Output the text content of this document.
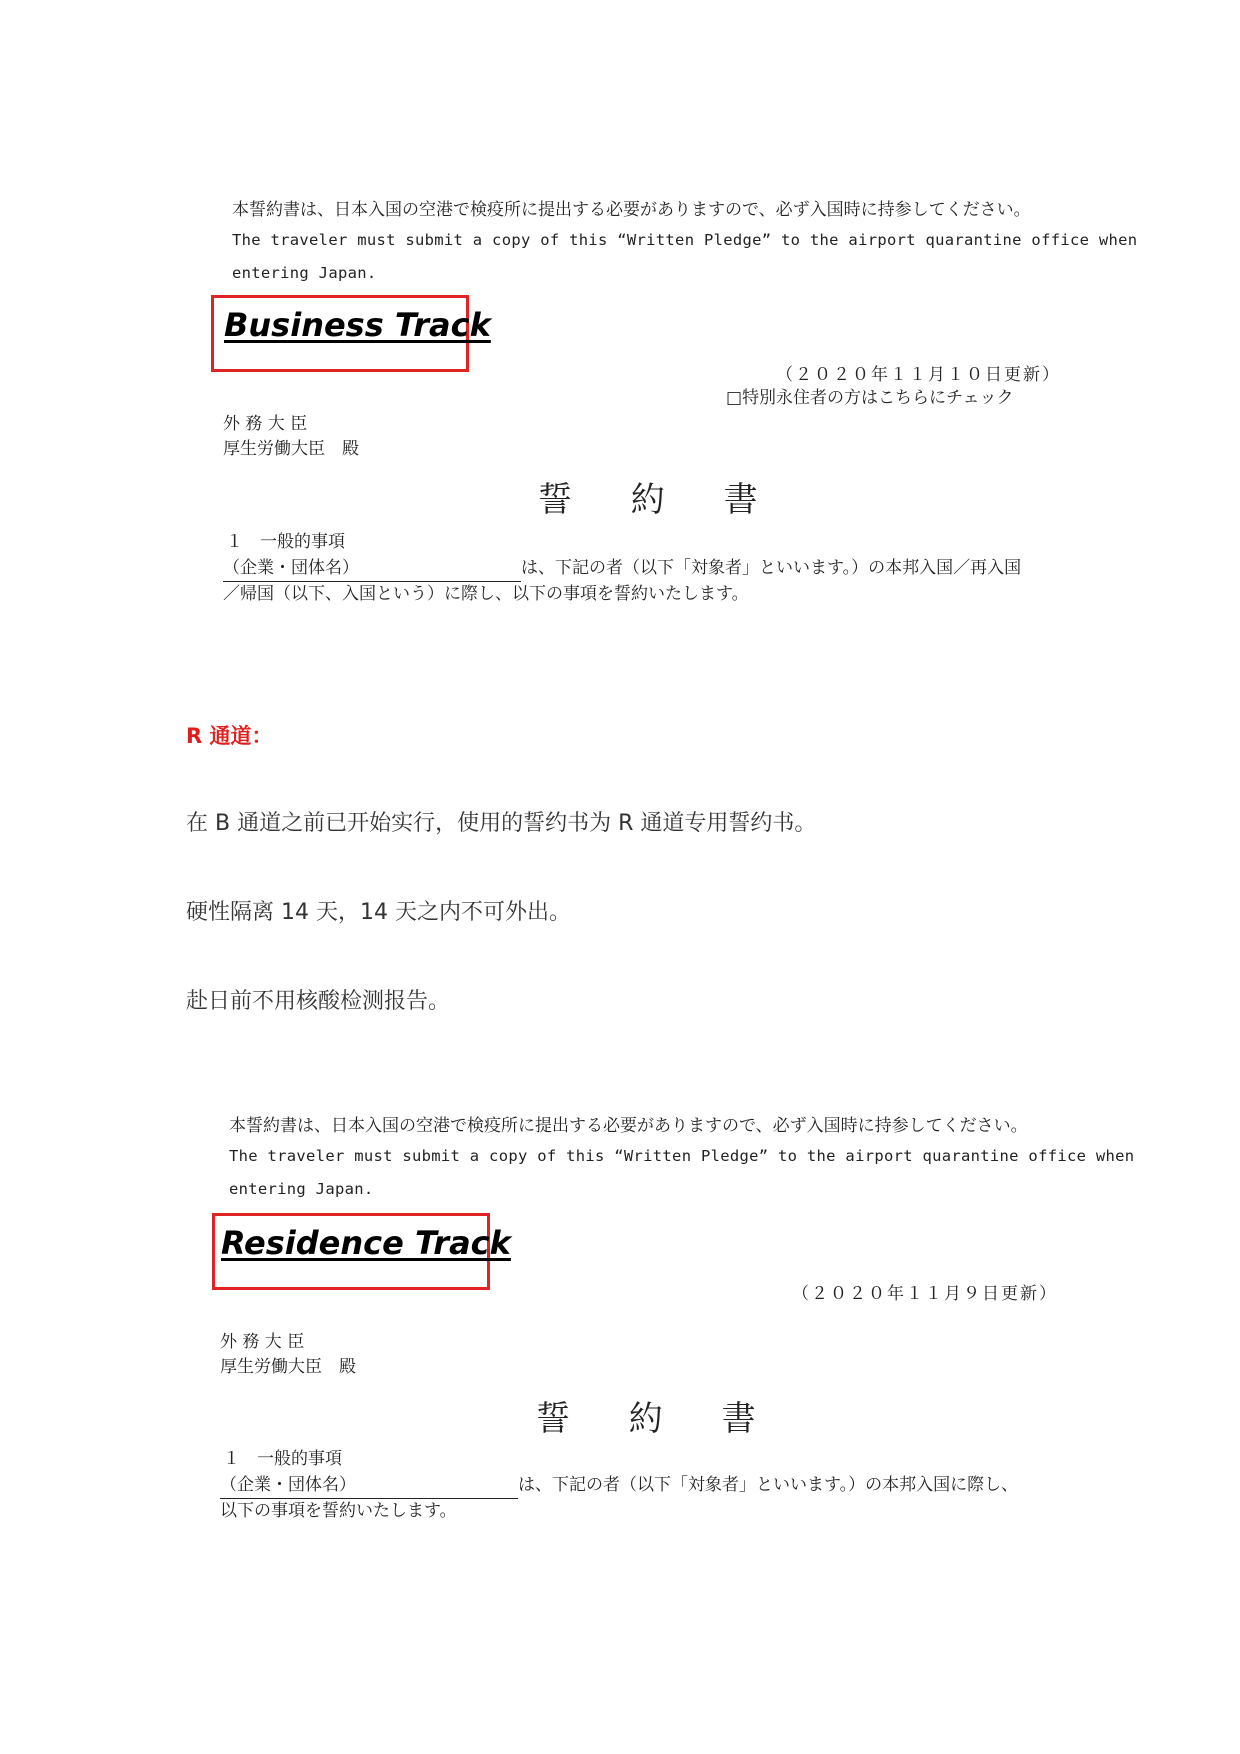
本誓約書は、日本入国の空港で検疫所に提出する必要がありますので、必ず入国時に持参してください。
The traveler must submit a copy of this “Written Pledge” to the airport quarantine office when
entering Japan.
Business Track
（２０２０年１１月１０日更新）
□特別永住者の方はこちらにチェック
外 務 大 臣
厚生労働大臣　殿
誓 約 書
１　一般的事項
（企業・団体名）	は、下記の者（以下「対象者」といいます。）の本邦入国／再入国
／帰国（以下、入国という）に際し、以下の事項を誓約いたします。
R 通道：
在 B 通道之前已开始实行，使用的誓约书为 R 通道专用誓约书。
硬性隔离 14 天，14 天之内不可外出。
赴日前不用核酸检测报告。
本誓約書は、日本入国の空港で検疫所に提出する必要がありますので、必ず入国時に持参してください。
The traveler must submit a copy of this “Written Pledge” to the airport quarantine office when
entering Japan.
Residence Track
（２０２０年１１月９日更新）
外 務 大 臣
厚生労働大臣　殿
誓 約 書
１　一般的事項
（企業・団体名）	は、下記の者（以下「対象者」といいます。）の本邦入国に際し、
以下の事項を誓約いたします。
